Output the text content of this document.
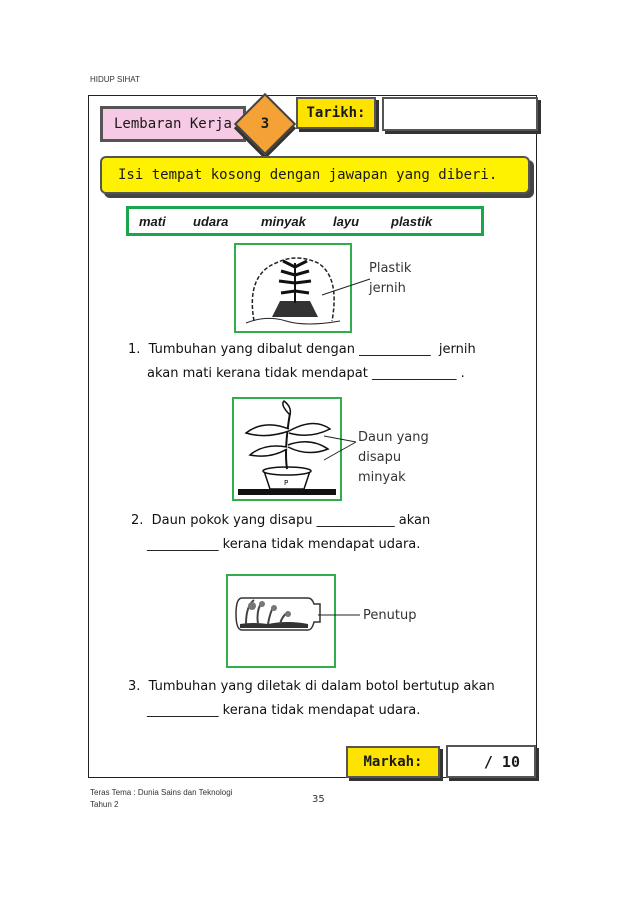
HIDUP SIHAT
Lembaran Kerja	3
Tarikh:
Isi tempat kosong dengan jawapan yang diberi.
mati udara	minyak layu plastik
Plastik
jernih
1.  Tumbuhan yang dibalut dengan ___________  jernih
akan mati kerana tidak mendapat _____________ .
P
Daun yang
disapu
minyak
2.  Daun pokok yang disapu ____________ akan
___________ kerana tidak mendapat udara.
Penutup
3.  Tumbuhan yang diletak di dalam botol bertutup akan
___________ kerana tidak mendapat udara.
Markah:	/ 10
Teras Tema : Dunia Sains dan Teknologi
Tahun 2	35
